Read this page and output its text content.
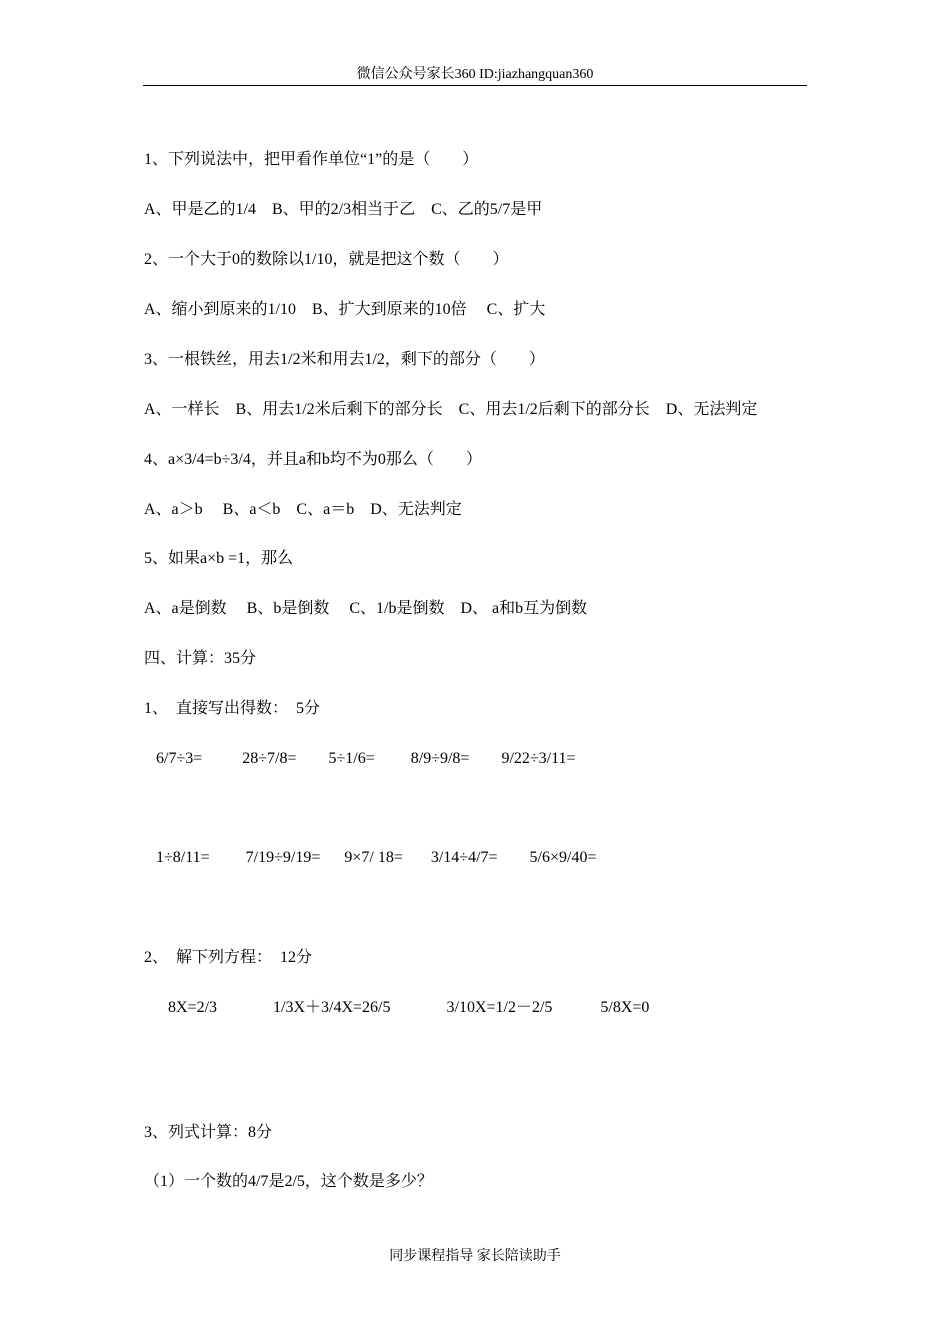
微信公众号家长360 ID:jiazhangquan360
1、下列说法中，把甲看作单位“1”的是（　　）
A、甲是乙的1/4　B、甲的2/3相当于乙　C、乙的5/7是甲
2、一个大于0的数除以1/10，就是把这个数（　　）
A、缩小到原来的1/10　B、扩大到原来的10倍　 C、扩大
3、一根铁丝，用去1/2米和用去1/2，剩下的部分（　　）
A、一样长　B、用去1/2米后剩下的部分长　C、用去1/2后剩下的部分长　D、无法判定
4、a×3/4=b÷3/4，并且a和b均不为0那么（　　）
A、a＞b　 B、a＜b　C、a＝b　D、无法判定
5、如果a×b =1，那么
A、a是倒数　 B、b是倒数　 C、1/b是倒数　D、 a和b互为倒数
四、计算：35分
1、　直接写出得数：　5分
6/7÷3=          28÷7/8=        5÷1/6=         8/9÷9/8=        9/22÷3/11=
1÷8/11=         7/19÷9/19=      9×7/ 18=       3/14÷4/7=        5/6×9/40=
2、　解下列方程：　12分
8X=2/3              1/3X＋3/4X=26/5              3/10X=1/2－2/5            5/8X=0
3、列式计算：8分
（1）一个数的4/7是2/5，这个数是多少？
同步课程指导 家长陪读助手
